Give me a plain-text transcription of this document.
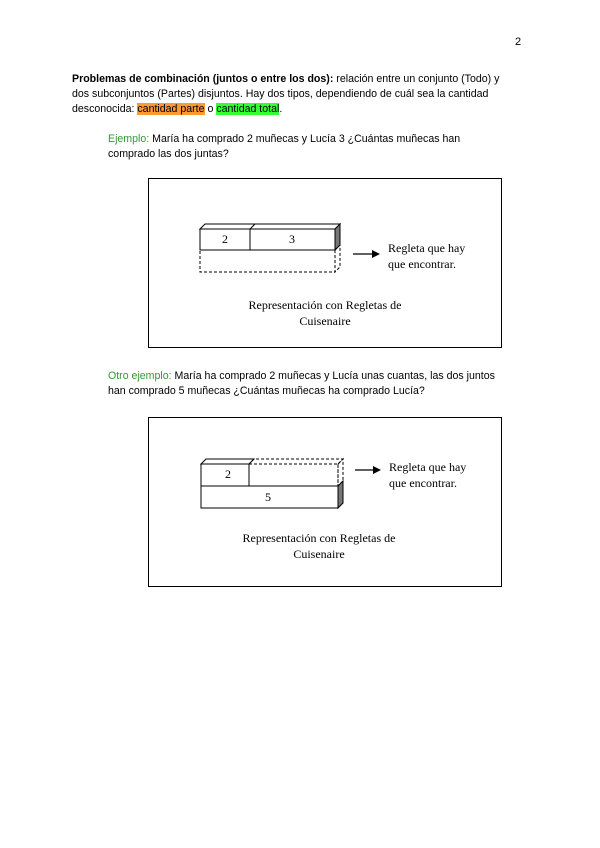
2
Problemas de combinación (juntos o entre los dos): relación entre un conjunto (Todo) y
dos subconjuntos (Partes) disjuntos. Hay dos tipos, dependiendo de cuál sea la cantidad
desconocida: cantidad parte o cantidad total.
Ejemplo: María ha comprado 2 muñecas y Lucía 3 ¿Cuántas muñecas han
comprado las dos juntas?
2	3
Regleta que hay
que encontrar.
Representación con Regletas de
Cuisenaire
Otro ejemplo: María ha comprado 2 muñecas y Lucía unas cuantas, las dos juntos
han comprado 5 muñecas ¿Cuántas muñecas ha comprado Lucía?
2
5
Regleta que hay
que encontrar.
Representación con Regletas de
Cuisenaire
